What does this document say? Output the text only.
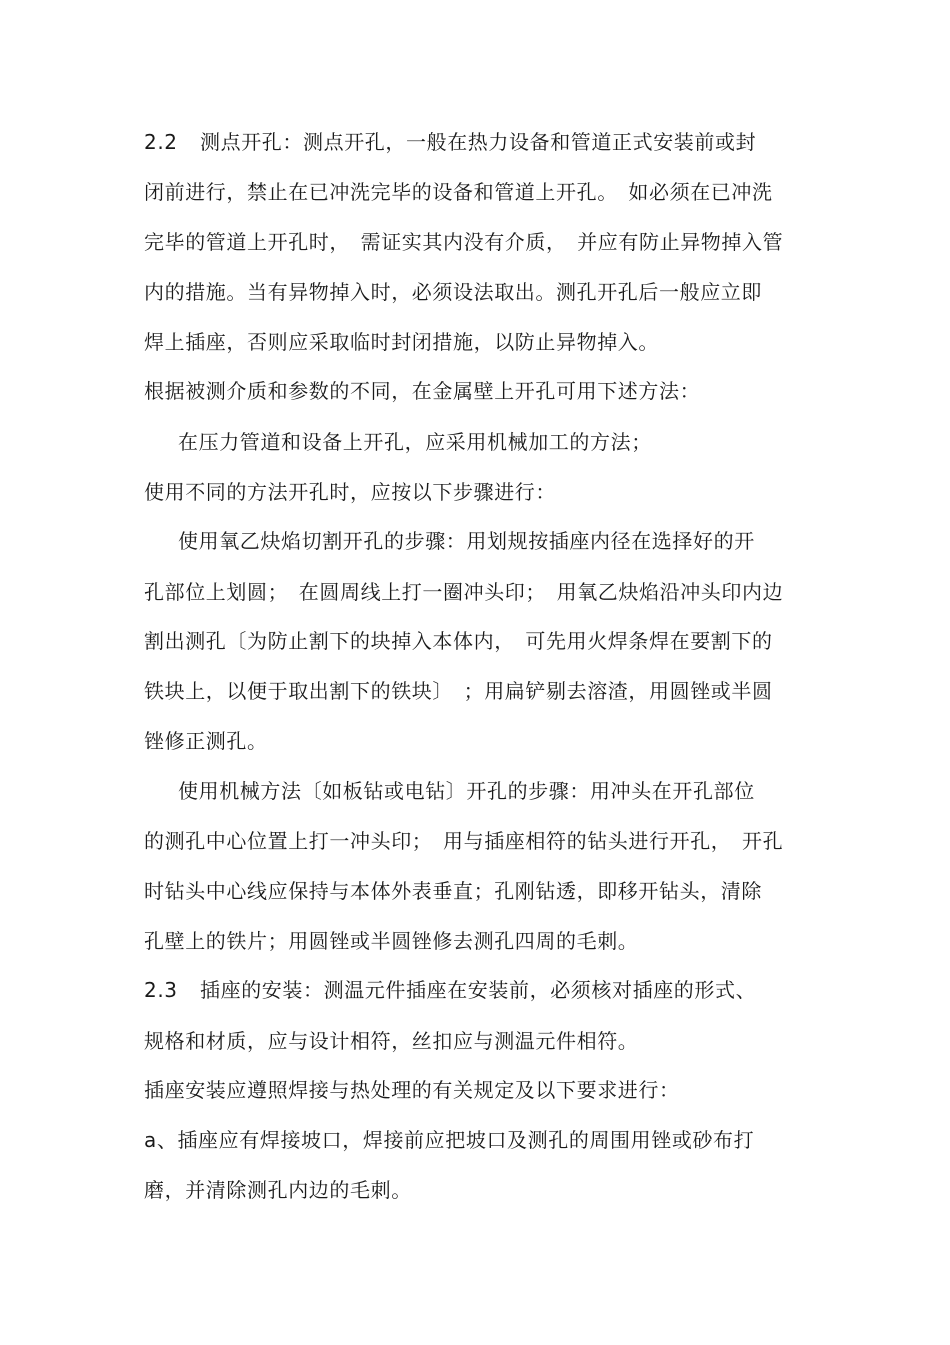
2.2 测点开孔：测点开孔，一般在热力设备和管道正式安装前或封

闭前进行，禁止在已冲洗完毕的设备和管道上开孔。　如必须在已冲洗

完毕的管道上开孔时，　需证实其内没有介质，　并应有防止异物掉入管

内的措施。当有异物掉入时，必须设法取出。测孔开孔后一般应立即

焊上插座，否则应采取临时封闭措施，以防止异物掉入。

根据被测介质和参数的不同，在金属壁上开孔可用下述方法：

在压力管道和设备上开孔，应采用机械加工的方法；

使用不同的方法开孔时，应按以下步骤进行：

使用氧乙炔焰切割开孔的步骤：用划规按插座内径在选择好的开

孔部位上划圆；　在圆周线上打一圈冲头印；　用氧乙炔焰沿冲头印内边

割出测孔〔为防止割下的块掉入本体内，　可先用火焊条焊在要割下的

铁块上，以便于取出割下的铁块〕　；用扁铲剔去溶渣，用圆锉或半圆

锉修正测孔。

使用机械方法〔如板钻或电钻〕开孔的步骤：用冲头在开孔部位

的测孔中心位置上打一冲头印；　用与插座相符的钻头进行开孔，　开孔

时钻头中心线应保持与本体外表垂直；孔刚钻透，即移开钻头，清除

孔壁上的铁片；用圆锉或半圆锉修去测孔四周的毛刺。

2.3 插座的安装：测温元件插座在安装前，必须核对插座的形式、

规格和材质，应与设计相符，丝扣应与测温元件相符。

插座安装应遵照焊接与热处理的有关规定及以下要求进行：

a、插座应有焊接坡口，焊接前应把坡口及测孔的周围用锉或砂布打

磨，并清除测孔内边的毛刺。
